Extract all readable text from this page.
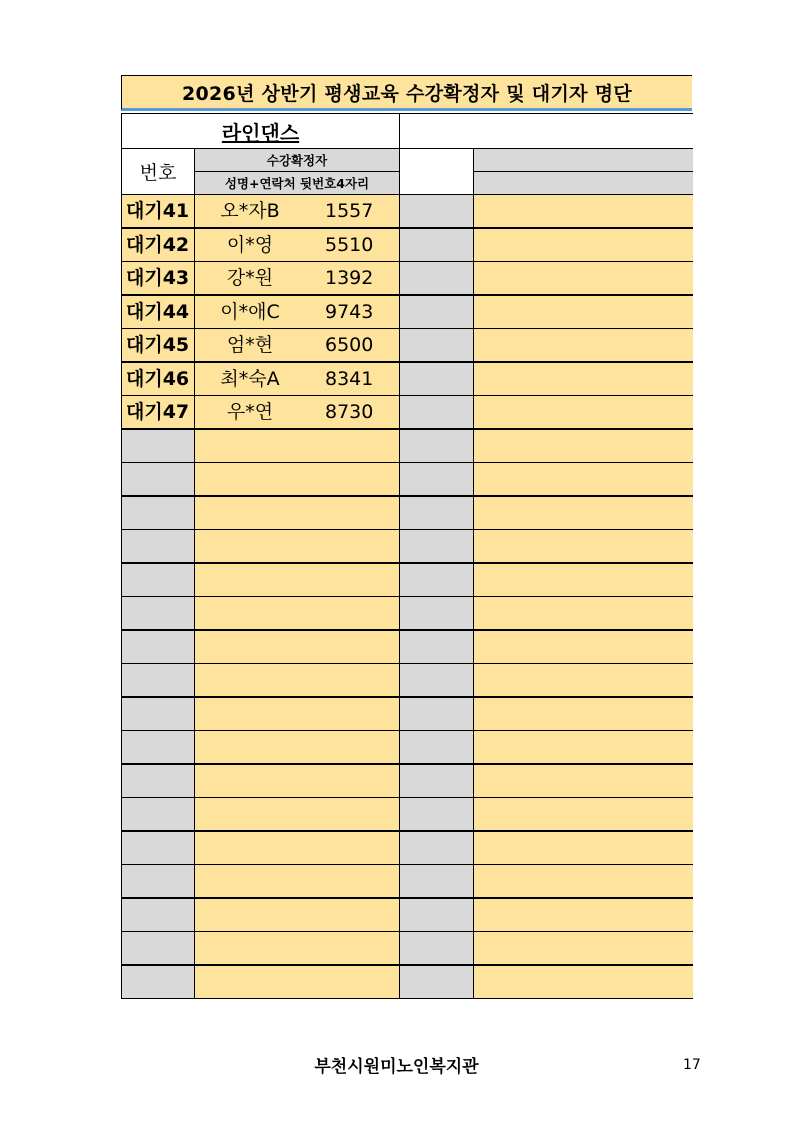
2026년 상반기 평생교육 수강확정자 및 대기자 명단
라인댄스
번호
수강확정자
성명+연락처 뒷번호4자리
대기41 오*자B 1557
대기42	이*영	5510
대기43	강*원	1392
대기44 이*애C 9743
대기45	엄*현	6500
대기46 최*숙A 8341
대기47	우*연	8730
부천시원미노인복지관	17
